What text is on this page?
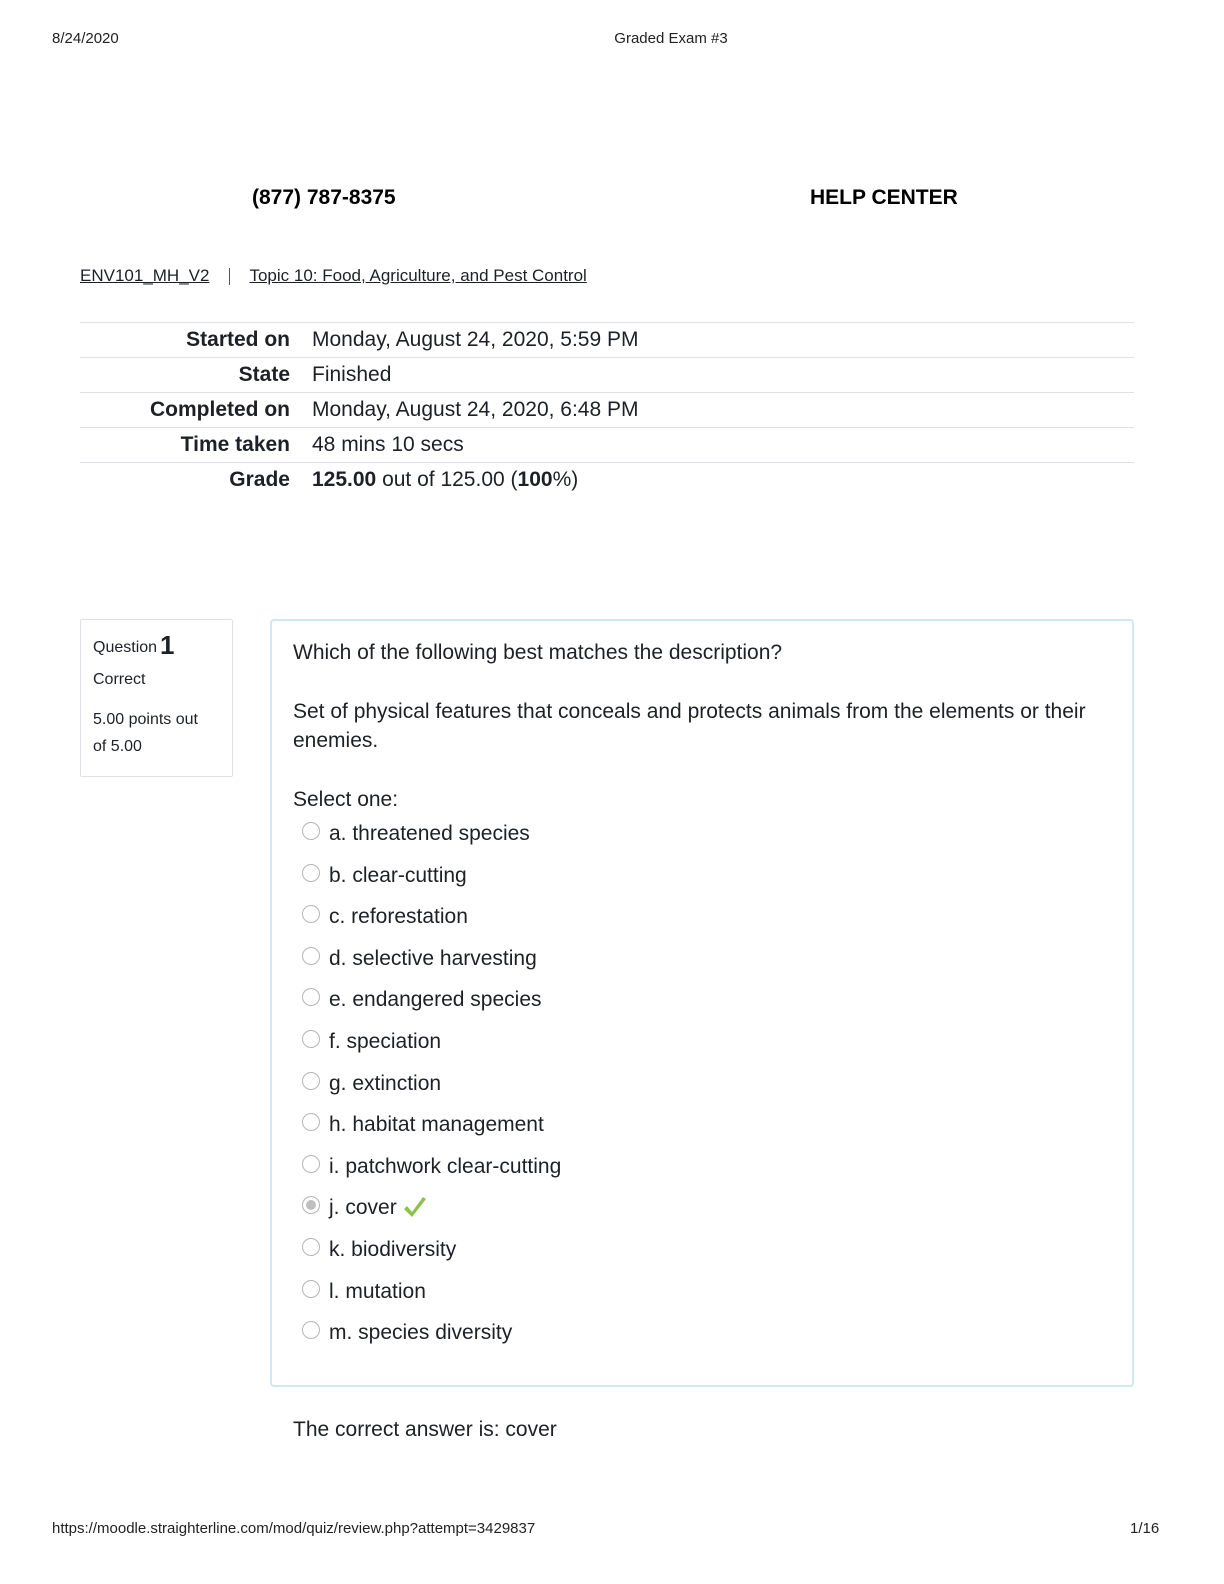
8/24/2020	Graded Exam #3
(877) 787-8375	HELP CENTER
ENV101_MH_V2 Topic 10: Food, Agriculture, and Pest Control
Started on	Monday, August 24, 2020, 5:59 PM
State	Finished
Completed on	Monday, August 24, 2020, 6:48 PM
Time taken	48 mins 10 secs
Grade	125.00 out of 125.00 (100%)
Question 1
Correct
5.00 points out
of 5.00
Which of the following best matches the description?
Set of physical features that conceals and protects animals from the elements or their enemies.
Select one:
a. threatened species
b. clear-cutting
c. reforestation
d. selective harvesting
e. endangered species
f. speciation
g. extinction
h. habitat management
i. patchwork clear-cutting
j. cover
k. biodiversity
l. mutation
m. species diversity
The correct answer is: cover
https://moodle.straighterline.com/mod/quiz/review.php?attempt=3429837	1/16
